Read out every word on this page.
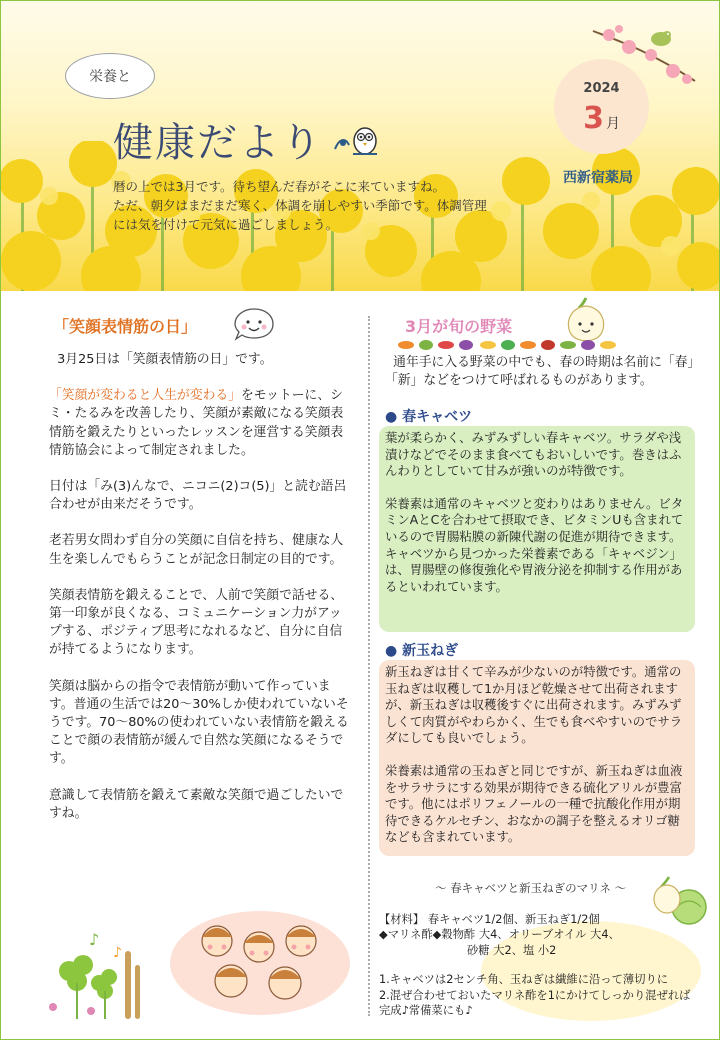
栄養と
健康だより
暦の上では3月です。待ち望んだ春がそこに来ていますね。
ただ、朝夕はまだまだ寒く、体調を崩しやすい季節です。体調管理
には気を付けて元気に過ごしましょう。
2024
3 月
西新宿薬局
「笑顔表情筋の日」

3月25日は「笑顔表情筋の日」です。

「笑顔が変わると人生が変わる」をモットーに、シミ・たるみを改善したり、笑顔が素敵になる笑顔表情筋を鍛えたりといったレッスンを運営する笑顔表情筋協会によって制定されました。

日付は「み(3)んなで、ニコニ(2)コ(5)」と読む語呂合わせが由来だそうです。

老若男女問わず自分の笑顔に自信を持ち、健康な人生を楽しんでもらうことが記念日制定の目的です。

笑顔表情筋を鍛えることで、人前で笑顔で話せる、第一印象が良くなる、コミュニケーション力がアップする、ポジティブ思考になれるなど、自分に自信が持てるようになります。

笑顔は脳からの指令で表情筋が動いて作っています。普通の生活では20～30%しか使われていないそうです。70～80%の使われていない表情筋を鍛えることで顔の表情筋が緩んで自然な笑顔になるそうです。

意識して表情筋を鍛えて素敵な笑顔で過ごしたいですね。

♪
♪
3月が旬の野菜
通年手に入る野菜の中でも、春の時期は名前に「春」「新」などをつけて呼ばれるものがあります。
● 春キャベツ

葉が柔らかく、みずみずしい春キャベツ。サラダや浅漬けなどでそのまま食べてもおいしいです。巻きはふんわりとしていて甘みが強いのが特徴です。

栄養素は通常のキャベツと変わりはありません。ビタミンAとCを合わせて摂取でき、ビタミンUも含まれているので胃腸粘膜の新陳代謝の促進が期待できます。

キャベツから見つかった栄養素である「キャベジン」は、胃腸壁の修復強化や胃液分泌を抑制する作用があるといわれています。

● 新玉ねぎ

新玉ねぎは甘くて辛みが少ないのが特徴です。通常の玉ねぎは収穫して1か月ほど乾燥させて出荷されますが、新玉ねぎは収穫後すぐに出荷されます。みずみずしくて肉質がやわらかく、生でも食べやすいのでサラダにしても良いでしょう。

栄養素は通常の玉ねぎと同じですが、新玉ねぎは血液をサラサラにする効果が期待できる硫化アリルが豊富です。他にはポリフェノールの一種で抗酸化作用が期待できるケルセチン、おなかの調子を整えるオリゴ糖なども含まれています。

～ 春キャベツと新玉ねぎのマリネ ～

【材料】 春キャベツ1/2個、新玉ねぎ1/2個

◆マリネ酢◆穀物酢 大4、オリーブオイル 大4、

砂糖 大2、塩 小2

1.キャベツは2センチ角、玉ねぎは繊維に沿って薄切りに

2.混ぜ合わせておいたマリネ酢を1にかけてしっかり混ぜれば

完成♪常備菜にも♪
